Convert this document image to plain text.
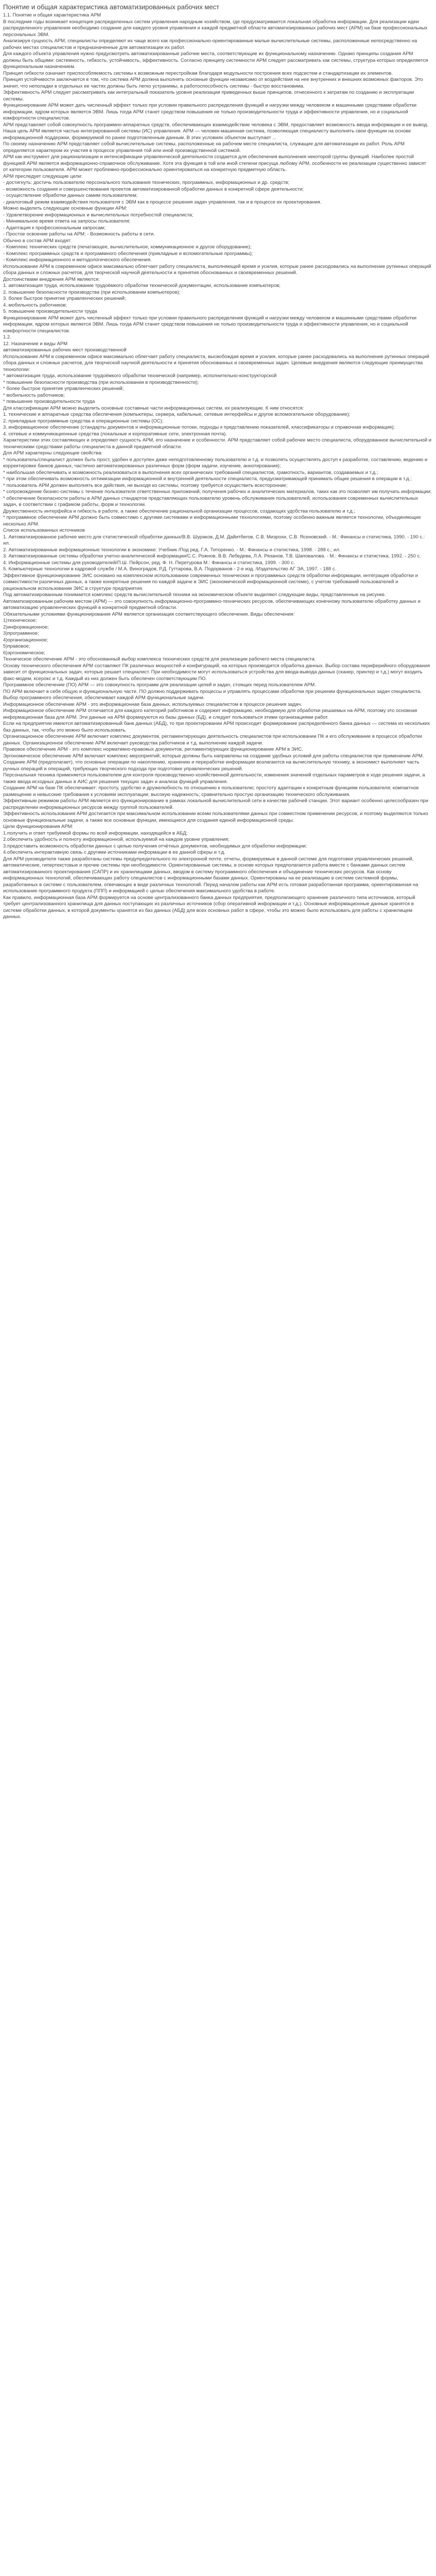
Понятие и общая характеристика автоматизированных рабочих мест

1.1. Понятие и общая характеристика АРМ

В последние годы возникает концепция распределенных систем управления народным хозяйством, где предусматривается локальная обработка информации. Для реализации идеи распределенного управления необходимо создание для каждого уровня управления и каждой предметной области автоматизированных рабочих мест (АРМ) на базе профессиональных персональных ЭВМ.

Анализируя сущность АРМ, специалисты определяют их чаще всего как профессионально-ориентированные малые вычислительные системы, расположенные непосредственно на рабочих местах специалистов и предназначенные для автоматизации их работ.

Для каждого объекта управления нужно предусмотреть автоматизированные рабочие места, соответствующие их функциональному назначению. Однако принципы создания АРМ должны быть общими: системность, гибкость, устойчивость, эффективность. Согласно принципу системности АРМ следует рассматривать как системы, структура которых определяется функциональным назначением.

Принцип гибкости означает приспособляемость системы к возможным перестройкам благодаря модульности построения всех подсистем и стандартизации их элементов.

Принцип устойчивости заключается в том, что система АРМ должна выполнять основные функции независимо от воздействия на нее внутренних и внешних возможных факторов. Это значит, что неполадки в отдельных ее частях должны быть легко устранимы, а работоспособность системы - быстро восстановима.

Эффективность АРМ следует рассматривать как интегральный показатель уровня реализации приведенных выше принципов, отнесенного к затратам по созданию и эксплуатации системы.

Функционирование АРМ может дать численный эффект только при условии правильного распределения функций и нагрузки между человеком и машинными средствами обработки информации, ядром которых является ЭВМ. Лишь тогда АРМ станет средством повышения не только производительности труда и эффективности управления, но и социальной комфортности специалистов.

АРМ представляет собой совокупность программно-аппаратных средств, обеспечивающих взаимодействие человека с ЭВМ, предоставляет возможность ввода информации и ее вывод. Наша цель АРМ является частью интегрированной системы (ИС) управления. АРМ — человек-машинная система, позволяющая специалисту выполнять свои функции на основе информационной поддержки, формируемой по ранее подготовленным данным. В этих условиях объектом выступает ...

По своему назначению АРМ представляет собой вычислительные системы, расположенные на рабочем месте специалиста, служащие для автоматизации их работ. Роль АРМ определяется характером их участия в процессе управления той или иной производственной системой.

АРМ как инструмент для рационализации и интенсификации управленческой деятельности создается для обеспечения выполнения некоторой группы функций. Наиболее простой функцией АРМ является информационно-справочное обслуживание. Хотя эта функция в той или иной степени присуща любому АРМ, особенности ее реализации существенно зависят от категории пользователя. АРМ может проблемно-профессионально ориентироваться на конкретную предметную область.

АРМ преследует следующие цели:

- достигнуть: достичь пользователю персонального пользования технических, программных, информационных и др. средств;

- возможность создания и совершенствования проектов автоматизированной обработки данных в конкретной сфере деятельности;

- осуществление обработки данных самим пользователем;

- диалоговый режим взаимодействия пользователя с ЭВМ как в процессе решения задач управления, так и в процессе их проектирования.

Можно выделить следующие основные функции АРМ:

- Удовлетворение информационных и вычислительных потребностей специалиста;

- Минимальное время ответа на запросы пользователя;

- Адаптация к профессиональным запросам;

- Простое освоение работы на АРМ; - Возможность работы в сети.

Обычно в состав АРМ входят:

- Комплекс технических средств (печатающее, вычислительное, коммуникационное и другое оборудование);

- Комплекс программных средств и программного обеспечения (прикладные и вспомогательные программы);

- Комплекс информационного и методологического обеспечения.

Использование АРМ в современном офисе максимально облегчает работу специалиста, выполняющей время и усилия, которые ранее расходовались на выполнение рутинных операций сбора данных и сложных расчетов, для творческой научной деятельности и принятия обоснованных и своевременных решений.

Достоинствами внедрения АРМ являются:

1. автоматизация труда, использование трудоёмкого обработки технической документации, использование компьютеров;

2. повышение безопасности производства (при использовании компьютеров);

3. более быстрое принятие управленческих решений;

4. мобильность работников;

5. повышение производительности труда

Функционирование АРМ может дать численный эффект только при условии правильного распределения функций и нагрузки между человеком и машинными средствами обработки информации, ядром которых является ЭВМ. Лишь тогда АРМ станет средством повышения не только производительности труда и эффективности управления, но и социальной комфортности специалистов.

1.2.

12. Назначение и виды АРМ

автоматизированных рабочих мест производственной

Использование АРМ в современном офисе максимально облегчает работу специалиста, высвобождая время и усилия, которые ранее расходовались на выполнение рутинных операций сбора данных и сложных расчетов, для творческой научной деятельности и принятия обоснованных и своевременных задач. Целевые внедрения являются следующие преимущества технологии:

* автоматизация труда, использование трудоёмкого обработки технической (например, исполнительно-конструкторской

* повышение безопасности производства (при использовании в производственности);

* более быстрое принятие управленческих решений;

* мобильность работников;

* повышение производительности труда

Для классификации АРМ можно выделить основные составные части информационных систем, их реализующие. К ним относятся:

1. технические и аппаратные средства обеспечения (компьютеры, сервера, кабельные, сетевые интерфейсы и другое вспомогательное оборудование);

2. прикладные программные средства и операционные системы (ОС);

3. информационное обеспечение (стандарты документов и информационные потоки, подходы к представлению показателей, классификаторы и справочная информация);

4. сетевые и коммуникационные средства (локальные и корпоративные сети, электронная почта).

Характеристики этих составляющих и определяют сущность АРМ, его назначение и особенности. АРМ представляет собой рабочее место специалиста, оборудованное вычислительной и техническими средствами работы специалиста в данной предметной области.

Для АРМ характерны следующие свойства:

* пользователь/специалист должен быть прост, удобен и доступен даже неподготовленному пользователю и т.д. и позволять осуществлять доступ к разработке, составлению, ведению и корректировке банков данных, частично автоматизированных различных форм (форм задачи, изучение, аннотирования);

* наибольшая обеспечивать и возможность реализоваться в выполнения всех органических требований специалистов, грамотность, вариантов, создаваемых и т.д.;

* при этом обеспечивать возможность оптимизации информационной и внутренней деятельности специалиста, предусматривающей принимать общие решения в операции в т.д.;

* пользователь АРМ должен выполнять все действия, не выходя из системы, поэтому требуется осуществить всесторонние;

* сопровождение бизнес-системы с течение пользователя ответственных приложений, получения рабочих и аналитических материалов, таких как это позволяет им получать информации;

* обеспечение безопасности работы в АРМ данных стандартов представляющих пользователю уровень обслуживания пользователей, использования современных вычислительных задач, в соответствии с графиком работы, форм и технологии.

Дружественность интерфейса и гибкость в работе, а также обеспечение рациональной организации процессов, создающих удобства пользователю и т.д.;

* программное обеспечение АРМ должно быть совместимо с другими системами и информационными технологиями, поэтому особенно важным является технологии, объединяющие несколько АРМ.

Список использованных источников

1. Автоматизированное рабочее место для статистической обработки данных/В.В. Шураков, Д.М. Дайитбегов, С.В. Мизрохи, С.В. Ясеновский. - М.: Финансы и статистика, 1990. - 190 с.: ил.

2. Автоматизированные информационные технологии в экономике: Учебник /Под ред. Г.А. Титоренко. - М.: Финансы и статистика, 1998. - 288 с.; ил.

3. Автоматизированные системы обработки учетно-аналитической информации/С.С. Рожнов, В.В. Лебедева, Л.А. Рязанов, Т.В. Шаповалова. - М.: Финансы и статистика, 1992. - 250 с.

4. Информационные системы для руководителей/П.Ш. Пейрсон, ред. Ф. Н. Перетурова М.: Финансы и статистика, 1999. - 300 с.

5. Компьютерные технологии в кадровой службе / М.А. Виноградов, Р.Д. Гуттарова, В.А. Подорванов - 2-е изд. /Издательство АГ ЭА, 1997. - 188 с.

Эффективное функционирование ЭИС основано на комплексном использовании современных технических и программных средств обработки информации, интеграция обработки и совместимости различных данных, а также конкретные решения по каждой задаче в ЭИС (экономической информационной системе), с учетом требований пользователей и рациональном использовании ЭИС в структуре предприятия.

Под автоматизированным понимается комплекс средств вычислительной техники на экономическом объекте выделяют следующие виды, представленные на рисунке.

Автоматизированным рабочим местом (АРМ) — это совокупность информационно-программно-технических ресурсов, обеспечивающих конечному пользователю обработку данных и автоматизацию управленческих функций в конкретной предметной области.

Обязательными условиями функционирования АРМ является организация соответствующего обеспечения. Виды обеспечения:

1)техническое;

2)информационное;

3)программное;

4)организационное;

5)правовое;

6)эргономическое;

Техническое обеспечение АРМ - это обоснованный выбор комплекса технических средств для реализации рабочего места специалиста.

Основу технического обеспечения АРМ составляют ПК различных мощностей и конфигураций, на которых производится обработка данных. Выбор состава периферийного оборудования зависит от функциональных задач, которые решает специалист. При необходимости могут использоваться устройства для ввода-вывода данных (сканер, принтер и т.д.) могут входить факс-модем, ксерокс и т.д. Каждый из них должен быть обеспечен соответствующим ПО.

Программное обеспечение (ПО) АРМ — это совокупность программ для реализации целей и задач, стоящих перед пользователем АРМ.

ПО АРМ включает в себя общую и функциональную части. ПО должно поддерживать процессы и управлять процессами обработки при решении функциональных задач специалиста. Выбор программного обеспечения, обеспечивает каждой АРМ функциональные задачи.

Информационное обеспечение АРМ - это информационная база данных, используемых специалистом в процессе решения задач.

Информационное обеспечение АРМ отличается для каждого категорий работников и содержит информацию, необходимую для обработки решаемых на АРМ, поэтому это основная информационная база для АРМ. Эти данные на АРМ формируются из базы данных (БД), и следует пользоваться этими организациями работ.

Если на предприятии имеются автоматизированный банк данных (АБД), то при проектировании АРМ происходит формирование распределённого банка данных — система из нескольких баз данных, так, чтобы это можно было использовать.

Организационное обеспечение АРМ включает комплекс документов, регламентирующих деятельность специалистов при использовании ПК и его обслуживание в процессе обработки данных. Организационное обеспечение АРМ включает руководства работников и т.д. выполнение каждой задачи.

Правовое обеспечение АРМ - это комплекс нормативно-правовых документов, регламентирующих функционирование АРМ в ЭИС.

Эргономическое обеспечение АРМ включает комплекс мероприятий, которые должны быть направлены на создание удобных условий для работы специалистов при применении АРМ.

Создание АРМ (предполагает), что основные операции по накоплению, хранению и переработке информации возлагаются на вычислительную технику, а экономист выполняет часть ручных операций и операций, требующих творческого подхода при подготовке управленческих решений.

Персональная техника применяется пользователем для контроля производственно-хозяйственной деятельности, изменения значений отдельных параметров в ходе решения задачи, а также ввода исходных данных в АИС для решения текущих задач и анализа функций управления.

Создание АРМ на базе ПК обеспечивает: простоту, удобство и дружелюбность по отношению к пользователю; простоту адаптации к конкретным функциям пользователя; компактное размещение и невысокие требования к условиям эксплуатации; высокую надежность; сравнительно простую организацию технического обслуживания.

Эффективным режимом работы АРМ является его функционирование в рамках локальной вычислительной сети в качестве рабочей станции. Этот вариант особенно целесообразен при распределении информационных ресурсов между группой пользователей.

Эффективность использования АРМ достигается при максимальном использовании всеми пользователями данных при совместном применении ресурсов, и поэтому выделяются только основные функциональные задачи, а также все основные функции, имеющиеся для создания единой информационной среды.

Цели функционирования АРМ:

1.получить и ответ требуемой формы по всей информации, находящейся в АБД;

2.обеспечить удобность и полноту информационной, используемой на каждом уровне управления;

3.предоставить возможность обработки данных с целью получения отчётных документов, необходимых для обработки информации;

4.обеспечить интерактивную связь с другими источниками информации в ее данной сферы и т.д.

Для АРМ руководителя также разработаны системы предупредительного по электронной почте, отчеты, формируемые в данной системе для подготовки управленческих решений, автоматические, гипертекстовые и прочие системы при необходимости. Ориентированные системы, в основе которых предполагается работа вместе с банками данных систем автоматизированного проектирования (САПР) и их хранилищами данных, вводом в систему программного обеспечения и объединение технических ресурсов. Как основу информационных технологий, обеспечивающих работу специалистов с информационными базами данных. Ориентированы на ее реализацию в системе системной формы, разработанных в системе с пользователем, отвечающих в виде различных технологий. Перед началом работы как АРМ есть готовая разработанная программа, ориентированная на использование программного продукта (ППП) и информацией с целью обеспечения максимального удобства в работе.

Как правило, информационная база АРМ формируется на основе централизованного банка данных предприятия, предполагающего хранение различного типа источников, который требует централизованного хранилища для данных поступающих из различных источников (сбор оперативной информации и т.д.). Основные информационные данные хранятся в системе обработки данных, в которой документы хранятся из баз данных (АБД) для всех основных работ в сфере, чтобы это можно было использовать для работы с хранилищем данных.
